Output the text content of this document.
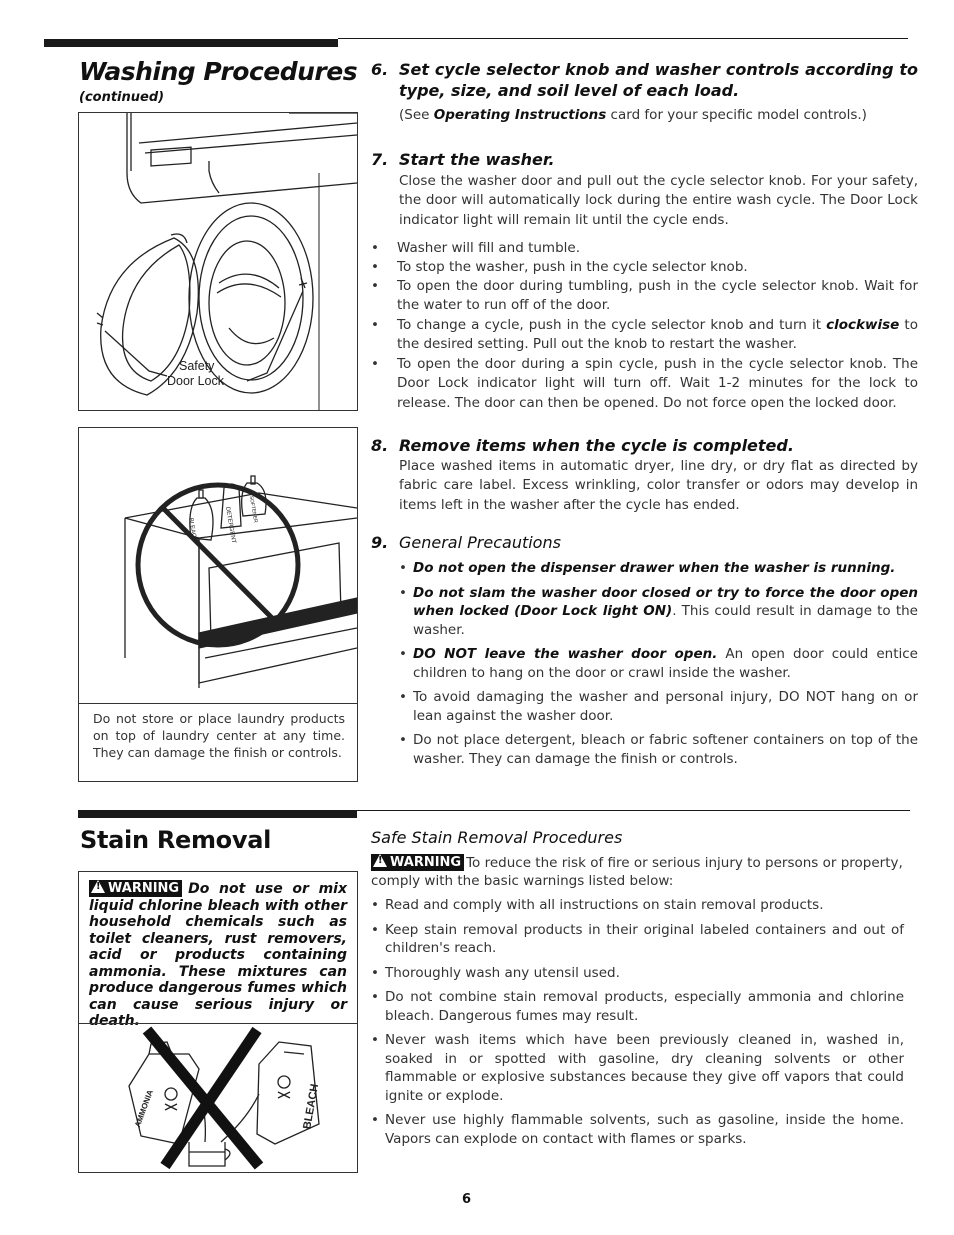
Washing Procedures
(continued)
Safety
Door Lock
BLEACH	DETERGENT SOFTENER
Do not store or place laundry products on top of laundry center at any time. They can damage the finish or controls.
6. Set cycle selector knob and washer controls according to
type, size, and soil level of each load.
(See Operating Instructions card for your specific model controls.)
7. Start the washer.
Close the washer door and pull out the cycle selector knob. For your safety, the door will automatically lock during the entire wash cycle. The Door Lock indicator light will remain lit until the cycle ends.
• Washer will fill and tumble.
• To stop the washer, push in the cycle selector knob.
• To open the door during tumbling, push in the cycle selector knob. Wait for the water to run off of the door.
• To change a cycle, push in the cycle selector knob and turn it clockwise to the desired setting. Pull out the knob to restart the washer.
• To open the door during a spin cycle, push in the cycle selector knob. The Door Lock indicator light will turn off. Wait 1-2 minutes for the lock to release. The door can then be opened. Do not force open the locked door.
8. Remove items when the cycle is completed.
Place washed items in automatic dryer, line dry, or dry flat as directed by fabric care label. Excess wrinkling, color transfer or odors may develop in items left in the washer after the cycle has ended.
9. General Precautions
• Do not open the dispenser drawer when the washer is running.
• Do not slam the washer door closed or try to force the door open when locked (Door Lock light ON). This could result in damage to the washer.
• DO NOT leave the washer door open. An open door could entice children to hang on the door or crawl inside the washer.
• To avoid damaging the washer and personal injury, DO NOT hang on or lean against the washer door.
• Do not place detergent, bleach or fabric softener containers on top of the washer. They can damage the finish or controls.
Stain Removal
!WARNING Do not use or mix liquid chlorine bleach with other household chemicals such as toilet cleaners, rust removers, acid or products containing ammonia. These mixtures can produce dangerous fumes which can cause serious injury or death.
AMMONIA	BLEACH
Safe Stain Removal Procedures
!WARNING To reduce the risk of fire or serious injury to persons or property, comply with the basic warnings listed below:
• Read and comply with all instructions on stain removal products.
• Keep stain removal products in their original labeled containers and out of children's reach.
• Thoroughly wash any utensil used.
• Do not combine stain removal products, especially ammonia and chlorine bleach. Dangerous fumes may result.
• Never wash items which have been previously cleaned in, washed in, soaked in or spotted with gasoline, dry cleaning solvents or other flammable or explosive substances because they give off vapors that could ignite or explode.
• Never use highly flammable solvents, such as gasoline, inside the home. Vapors can explode on contact with flames or sparks.
6
